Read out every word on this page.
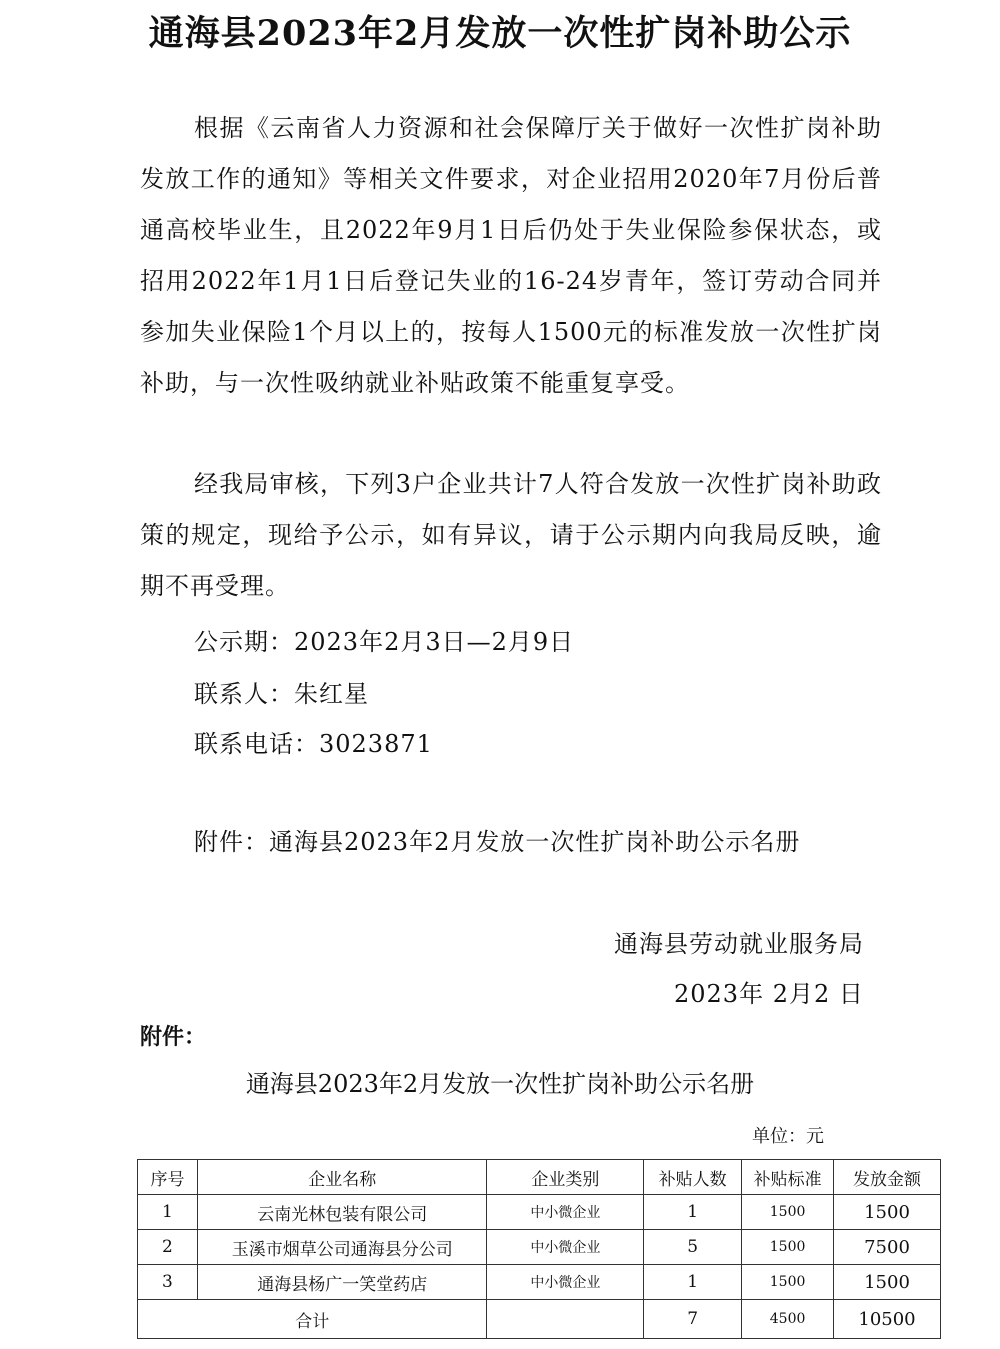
通海县2023年2月发放一次性扩岗补助公示
根据《云南省人力资源和社会保障厅关于做好一次性扩岗补助发放工作的通知》等相关文件要求，对企业招用2020年7月份后普通高校毕业生，且2022年9月1日后仍处于失业保险参保状态，或招用2022年1月1日后登记失业的16-24岁青年，签订劳动合同并参加失业保险1个月以上的，按每人1500元的标准发放一次性扩岗补助，与一次性吸纳就业补贴政策不能重复享受。
经我局审核，下列3户企业共计7人符合发放一次性扩岗补助政策的规定，现给予公示，如有异议，请于公示期内向我局反映，逾期不再受理。
公示期：2023年2月3日—2月9日
联系人：朱红星
联系电话：3023871
附件：通海县2023年2月发放一次性扩岗补助公示名册
通海县劳动就业服务局
2023年 2月2 日
附件：
通海县2023年2月发放一次性扩岗补助公示名册
单位：元
序号	企业名称	企业类别	补贴人数	补贴标准	发放金额
1	云南光林包装有限公司	中小微企业	1	1500	1500
2	玉溪市烟草公司通海县分公司	中小微企业	5	1500	7500
3	通海县杨广一笑堂药店	中小微企业	1	1500	1500
合计			7	4500	10500
